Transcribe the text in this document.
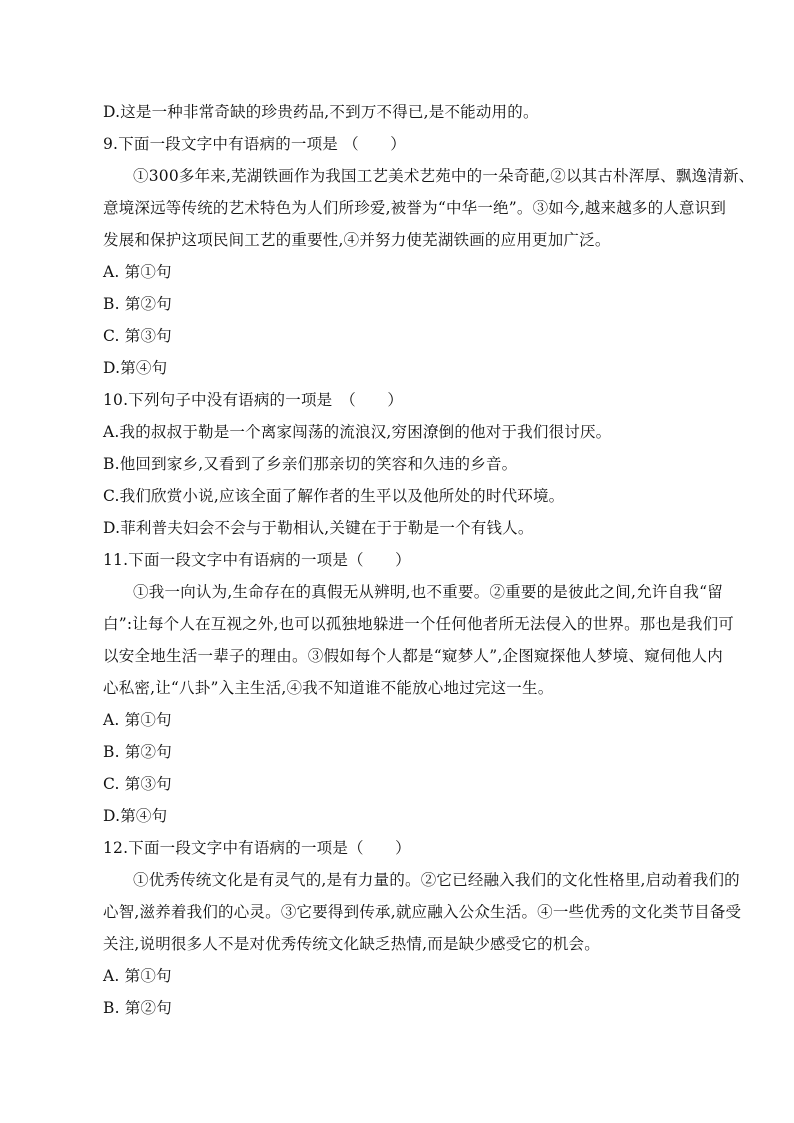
D.这是一种非常奇缺的珍贵药品,不到万不得已,是不能动用的。
9.下面一段文字中有语病的一项是 （　　）
①300多年来,芜湖铁画作为我国工艺美术艺苑中的一朵奇葩,②以其古朴浑厚、飘逸清新、
意境深远等传统的艺术特色为人们所珍爱,被誉为“中华一绝”。③如今,越来越多的人意识到
发展和保护这项民间工艺的重要性,④并努力使芜湖铁画的应用更加广泛。
A. 第①句
B. 第②句
C. 第③句
D.第④句
10.下列句子中没有语病的一项是　（　　）
A.我的叔叔于勒是一个离家闯荡的流浪汉,穷困潦倒的他对于我们很讨厌。
B.他回到家乡,又看到了乡亲们那亲切的笑容和久违的乡音。
C.我们欣赏小说,应该全面了解作者的生平以及他所处的时代环境。
D.菲利普夫妇会不会与于勒相认,关键在于于勒是一个有钱人。
11.下面一段文字中有语病的一项是（　　）
①我一向认为,生命存在的真假无从辨明,也不重要。②重要的是彼此之间,允许自我“留
白”:让每个人在互视之外,也可以孤独地躲进一个任何他者所无法侵入的世界。那也是我们可
以安全地生活一辈子的理由。③假如每个人都是“窥梦人”,企图窥探他人梦境、窥伺他人内
心私密,让“八卦”入主生活,④我不知道谁不能放心地过完这一生。
A. 第①句
B. 第②句
C. 第③句
D.第④句
12.下面一段文字中有语病的一项是（　　）
①优秀传统文化是有灵气的,是有力量的。②它已经融入我们的文化性格里,启动着我们的
心智,滋养着我们的心灵。③它要得到传承,就应融入公众生活。④一些优秀的文化类节目备受
关注,说明很多人不是对优秀传统文化缺乏热情,而是缺少感受它的机会。
A. 第①句
B. 第②句
